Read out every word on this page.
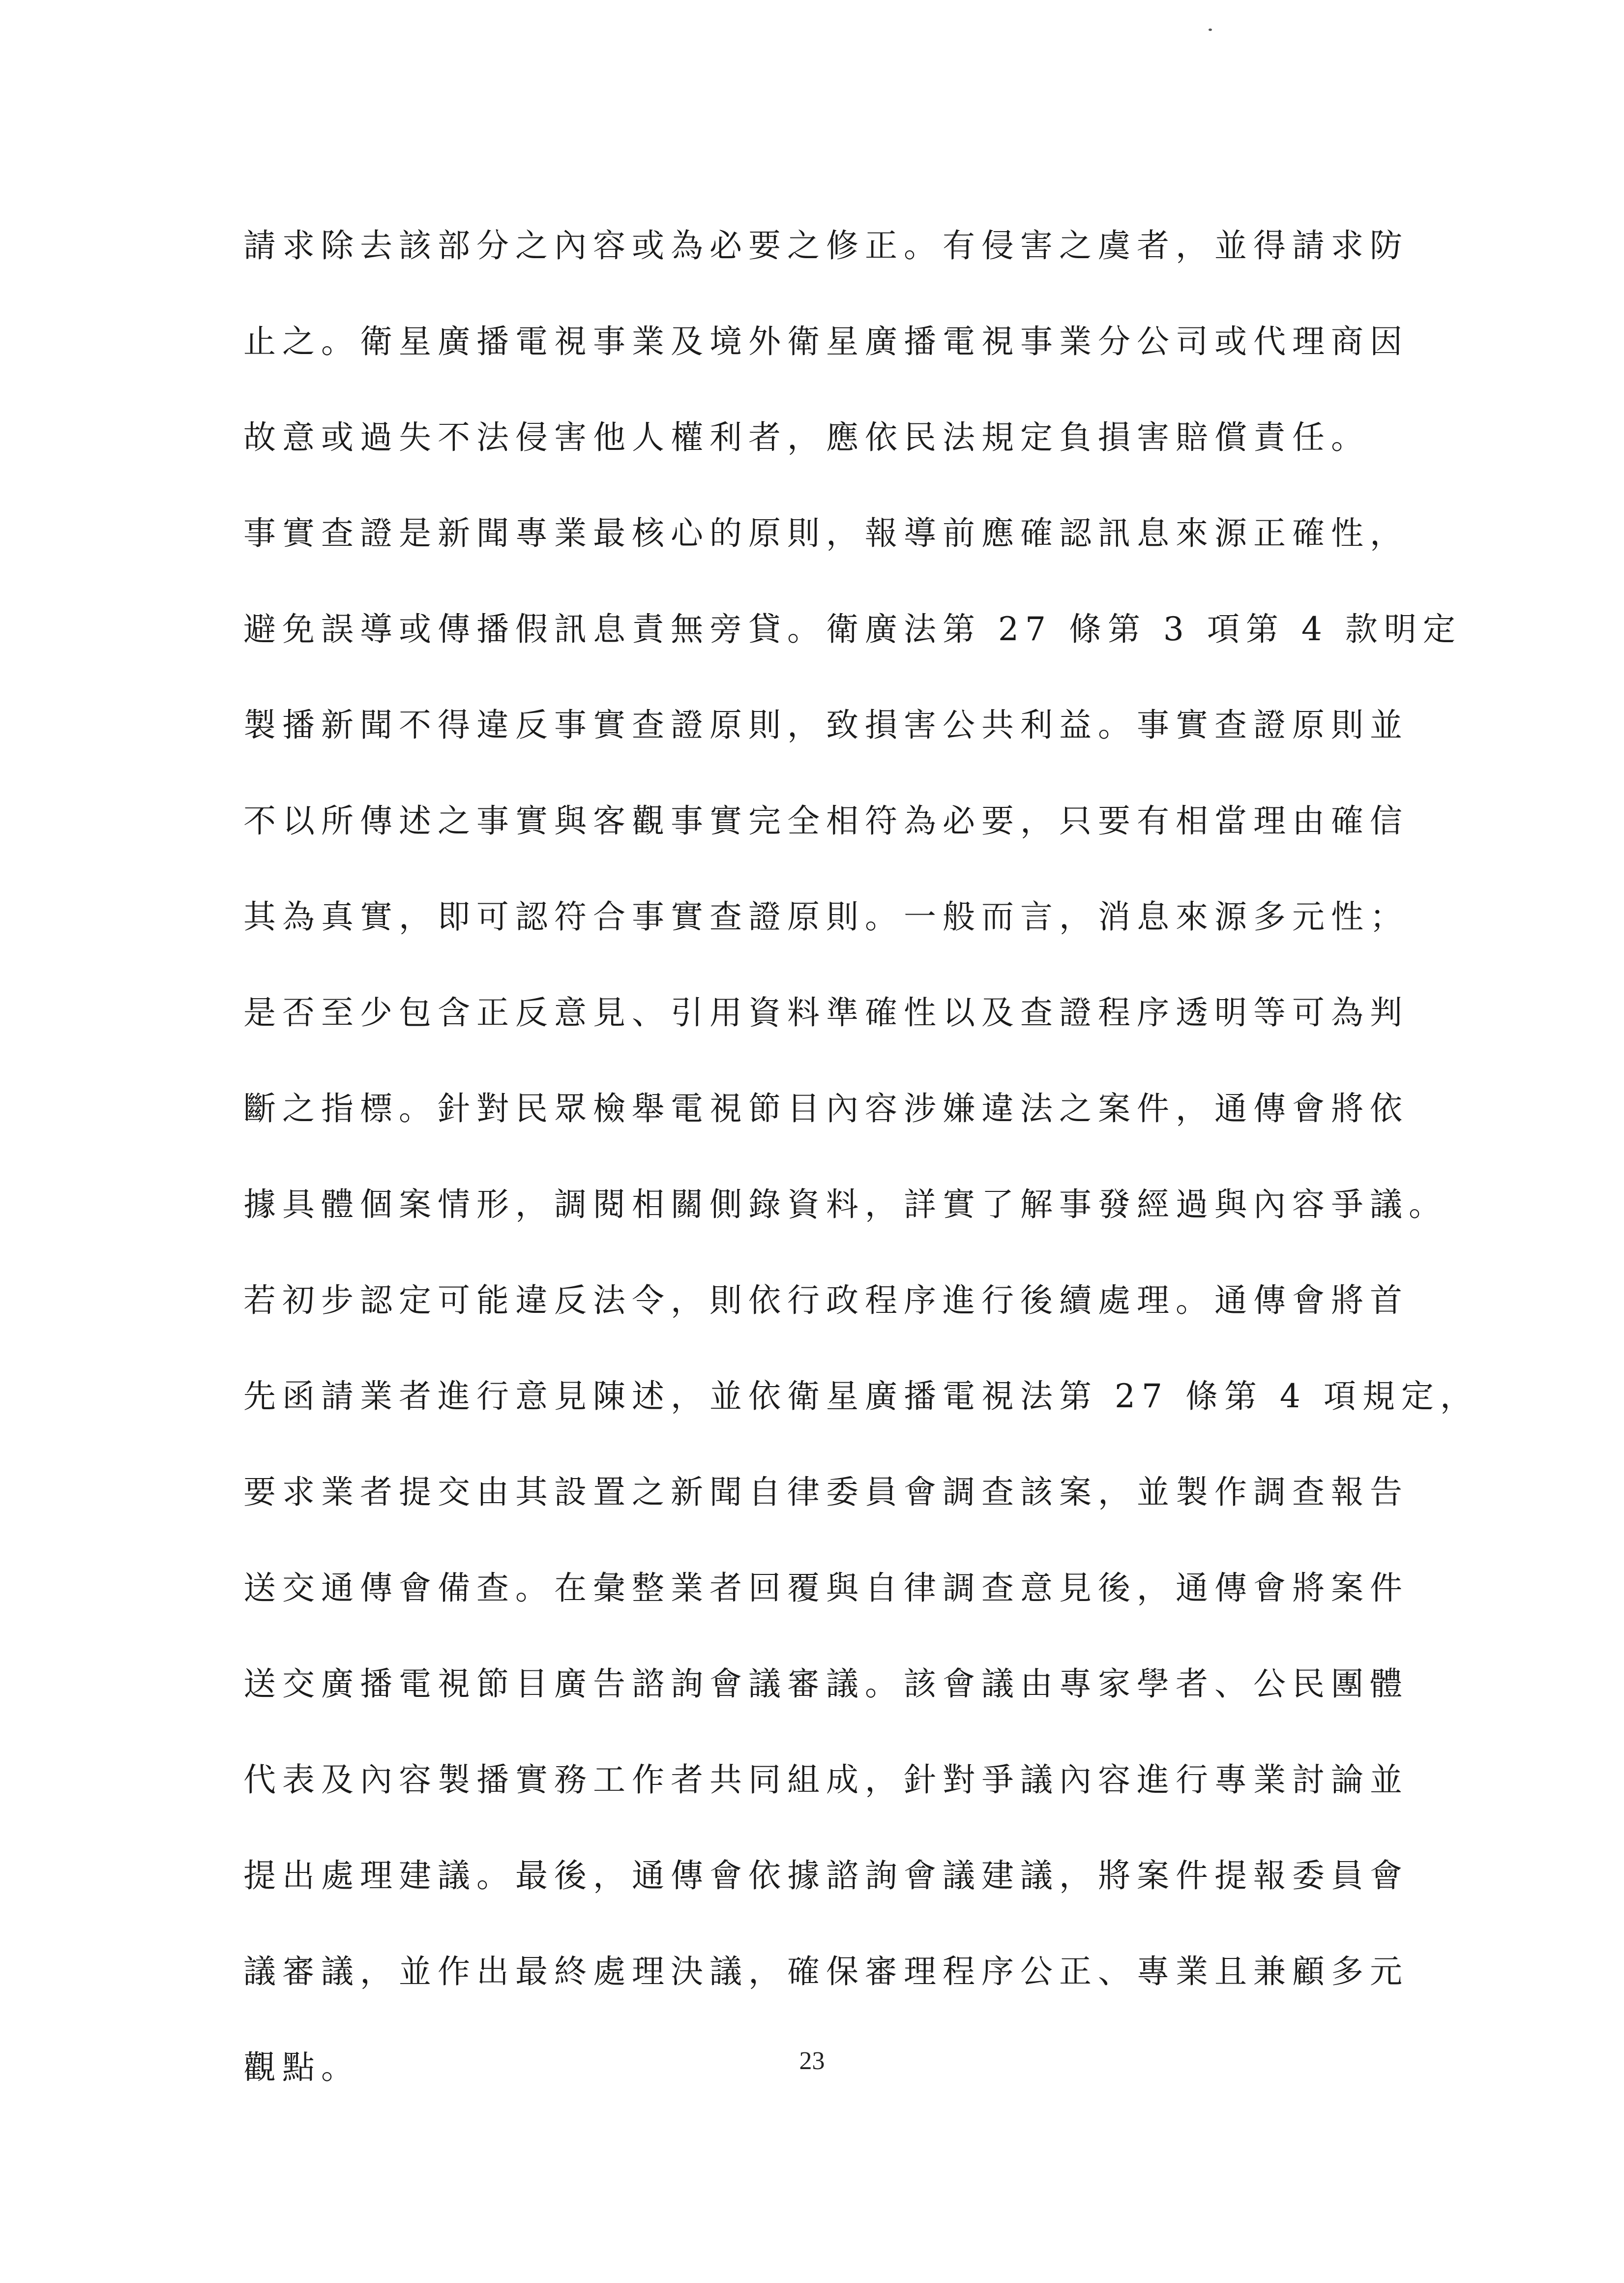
請求除去該部分之內容或為必要之修正。有侵害之虞者，並得請求防
止之。衛星廣播電視事業及境外衛星廣播電視事業分公司或代理商因
故意或過失不法侵害他人權利者，應依民法規定負損害賠償責任。
事實查證是新聞專業最核心的原則，報導前應確認訊息來源正確性，
避免誤導或傳播假訊息責無旁貸。衛廣法第 27 條第 3 項第 4 款明定
製播新聞不得違反事實查證原則，致損害公共利益。事實查證原則並
不以所傳述之事實與客觀事實完全相符為必要，只要有相當理由確信
其為真實，即可認符合事實查證原則。一般而言，消息來源多元性；
是否至少包含正反意見、引用資料準確性以及查證程序透明等可為判
斷之指標。針對民眾檢舉電視節目內容涉嫌違法之案件，通傳會將依
據具體個案情形，調閱相關側錄資料，詳實了解事發經過與內容爭議。
若初步認定可能違反法令，則依行政程序進行後續處理。通傳會將首
先函請業者進行意見陳述，並依衛星廣播電視法第 27 條第 4 項規定，
要求業者提交由其設置之新聞自律委員會調查該案，並製作調查報告
送交通傳會備查。在彙整業者回覆與自律調查意見後，通傳會將案件
送交廣播電視節目廣告諮詢會議審議。該會議由專家學者、公民團體
代表及內容製播實務工作者共同組成，針對爭議內容進行專業討論並
提出處理建議。最後，通傳會依據諮詢會議建議，將案件提報委員會
議審議，並作出最終處理決議，確保審理程序公正、專業且兼顧多元
觀點。	23
